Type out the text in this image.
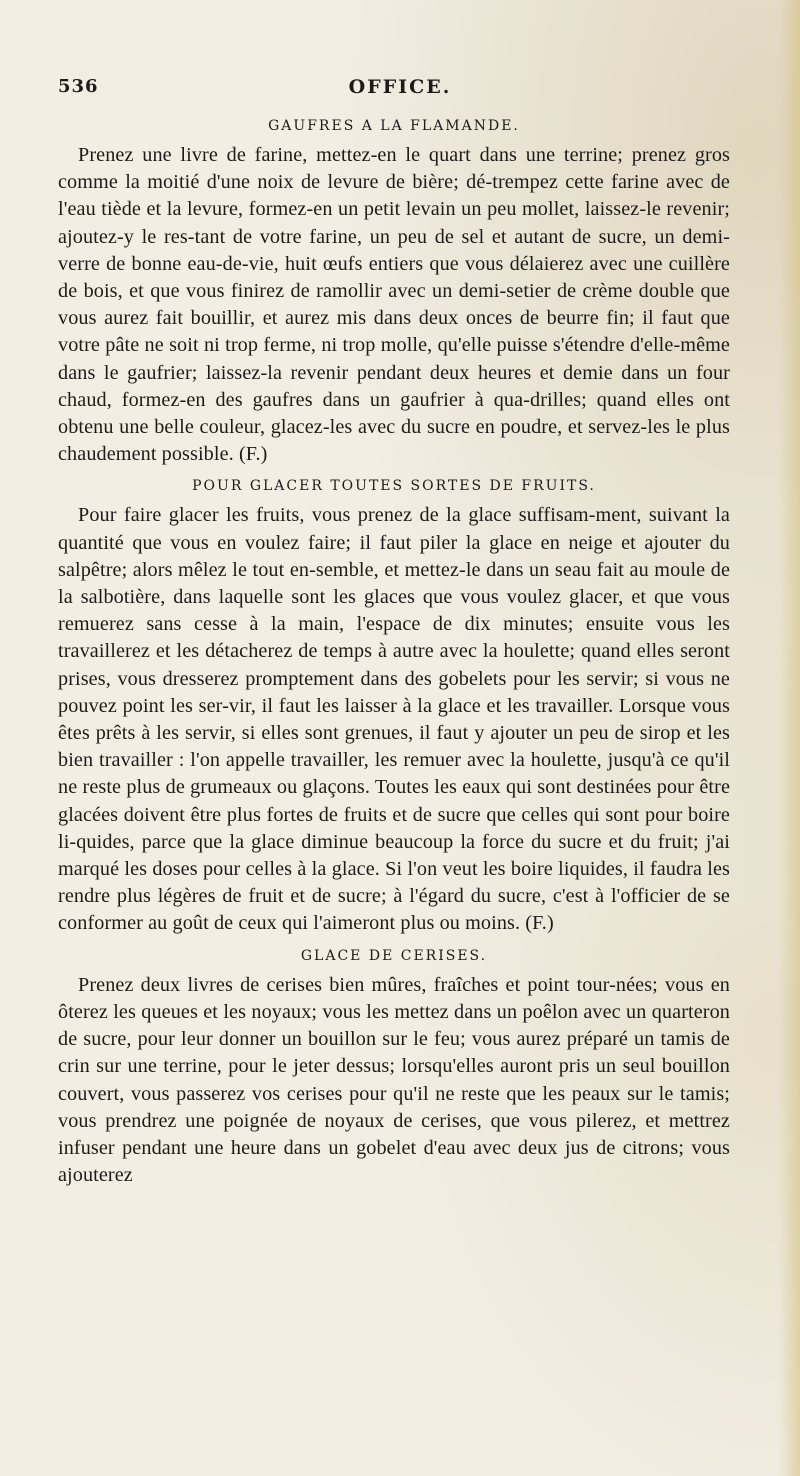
536	OFFICE.
GAUFRES A LA FLAMANDE.

Prenez une livre de farine, mettez-en le quart dans une terrine; prenez gros comme la moitié d'une noix de levure de bière; dé-trempez cette farine avec de l'eau tiède et la levure, formez-en un petit levain un peu mollet, laissez-le revenir; ajoutez-y le res-tant de votre farine, un peu de sel et autant de sucre, un demi-verre de bonne eau-de-vie, huit œufs entiers que vous délaierez avec une cuillère de bois, et que vous finirez de ramollir avec un demi-setier de crème double que vous aurez fait bouillir, et aurez mis dans deux onces de beurre fin; il faut que votre pâte ne soit ni trop ferme, ni trop molle, qu'elle puisse s'étendre d'elle-même dans le gaufrier; laissez-la revenir pendant deux heures et demie dans un four chaud, formez-en des gaufres dans un gaufrier à qua-drilles; quand elles ont obtenu une belle couleur, glacez-les avec du sucre en poudre, et servez-les le plus chaudement possible. (F.)

POUR GLACER TOUTES SORTES DE FRUITS.

Pour faire glacer les fruits, vous prenez de la glace suffisam-ment, suivant la quantité que vous en voulez faire; il faut piler la glace en neige et ajouter du salpêtre; alors mêlez le tout en-semble, et mettez-le dans un seau fait au moule de la salbotière, dans laquelle sont les glaces que vous voulez glacer, et que vous remuerez sans cesse à la main, l'espace de dix minutes; ensuite vous les travaillerez et les détacherez de temps à autre avec la houlette; quand elles seront prises, vous dresserez promptement dans des gobelets pour les servir; si vous ne pouvez point les ser-vir, il faut les laisser à la glace et les travailler. Lorsque vous êtes prêts à les servir, si elles sont grenues, il faut y ajouter un peu de sirop et les bien travailler : l'on appelle travailler, les remuer avec la houlette, jusqu'à ce qu'il ne reste plus de grumeaux ou glaçons. Toutes les eaux qui sont destinées pour être glacées doivent être plus fortes de fruits et de sucre que celles qui sont pour boire li-quides, parce que la glace diminue beaucoup la force du sucre et du fruit; j'ai marqué les doses pour celles à la glace. Si l'on veut les boire liquides, il faudra les rendre plus légères de fruit et de sucre; à l'égard du sucre, c'est à l'officier de se conformer au goût de ceux qui l'aimeront plus ou moins. (F.)

GLACE DE CERISES.

Prenez deux livres de cerises bien mûres, fraîches et point tour-nées; vous en ôterez les queues et les noyaux; vous les mettez dans un poêlon avec un quarteron de sucre, pour leur donner un bouillon sur le feu; vous aurez préparé un tamis de crin sur une terrine, pour le jeter dessus; lorsqu'elles auront pris un seul bouillon couvert, vous passerez vos cerises pour qu'il ne reste que les peaux sur le tamis; vous prendrez une poignée de noyaux de cerises, que vous pilerez, et mettrez infuser pendant une heure dans un gobelet d'eau avec deux jus de citrons; vous ajouterez
